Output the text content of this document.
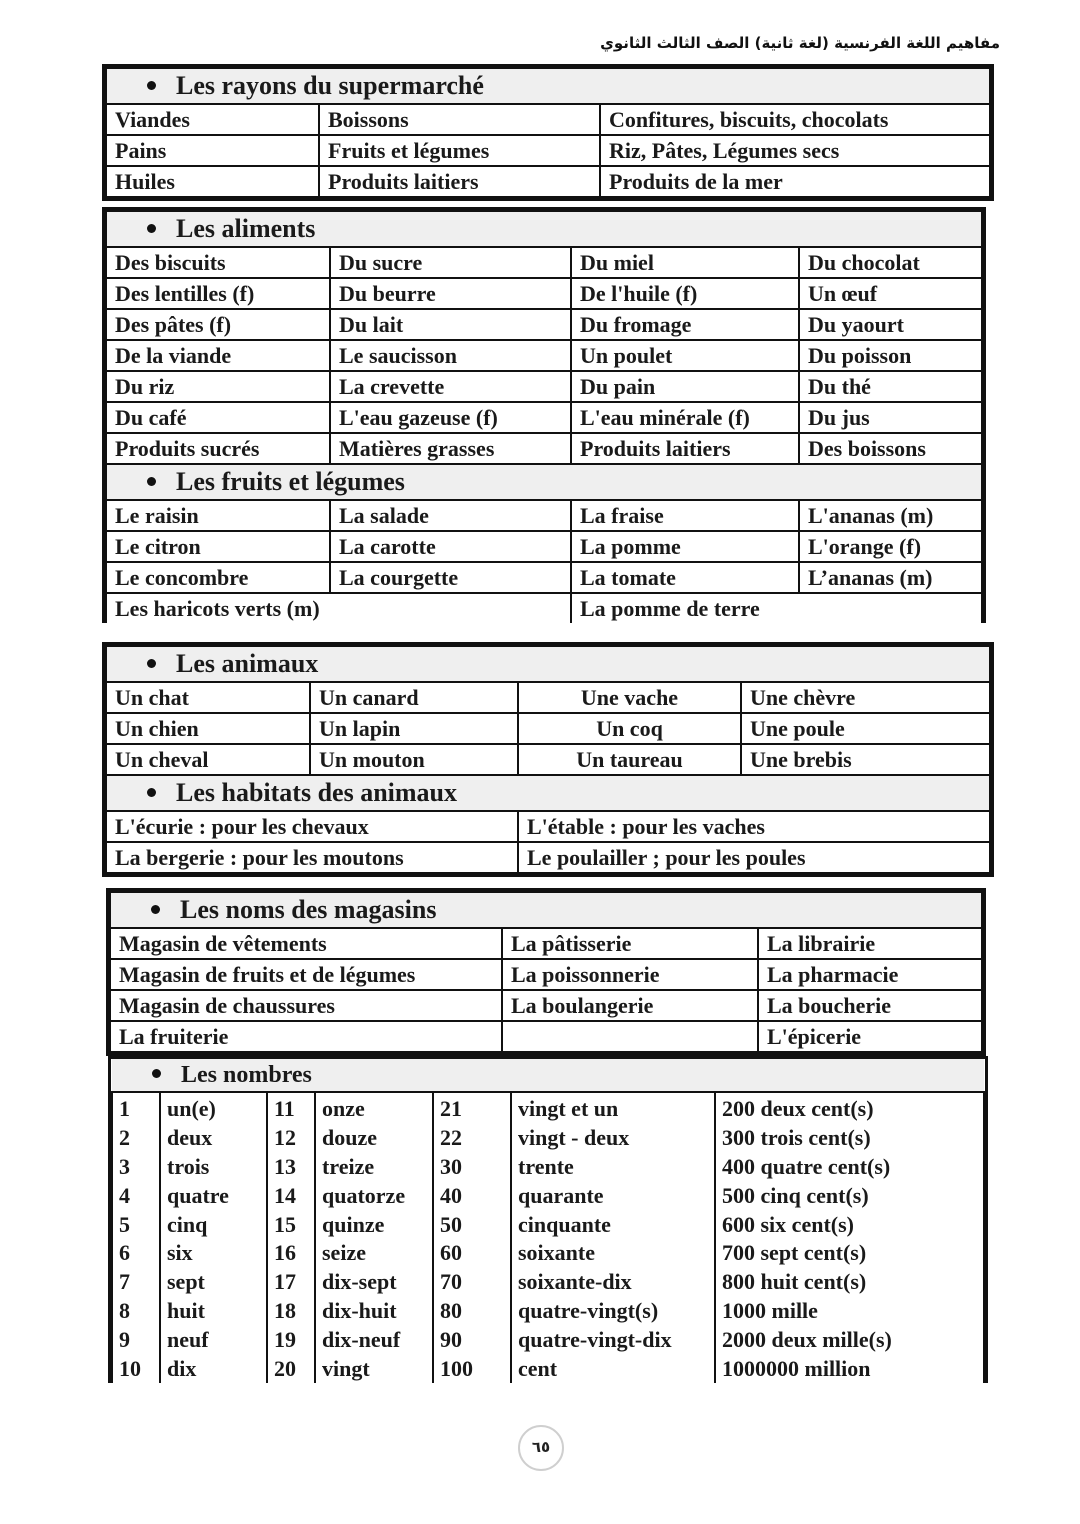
مفاهيم اللغة الفرنسية (لغة ثانية) الصف الثالث الثانوي
Les rayons du supermarché		
Viandes	Boissons	Confitures, biscuits, chocolats
Pains	Fruits et légumes	Riz, Pâtes, Légumes secs
Huiles	Produits laitiers	Produits de la mer
Les aliments			
Des biscuits	Du sucre	Du miel	Du chocolat
Des lentilles (f)	Du beurre	De l'huile (f)	Un œuf
Des pâtes (f)	Du lait	Du fromage	Du yaourt
De la viande	Le saucisson	Un poulet	Du poisson
Du riz	La crevette	Du pain	Du thé
Du café	L'eau gazeuse (f)	L'eau minérale (f)	Du jus
Produits sucrés	Matières grasses	Produits laitiers	Des boissons
Les fruits et légumes			
Le raisin	La salade	La fraise	L'ananas (m)
Le citron	La carotte	La pomme	L'orange (f)
Le concombre	La courgette	La tomate	L’ananas (m)
Les haricots verts (m)		La pomme de terre	
Les animaux			
Un chat	Un canard	Une vache	Une chèvre
Un chien	Un lapin	Un coq	Une poule
Un cheval	Un mouton	Un taureau	Une brebis
Les habitats des animaux			
L'écurie : pour les chevaux		L'étable : pour les vaches	
La bergerie : pour les moutons		Le poulailler ; pour les poules	
Les noms des magasins		
Magasin de vêtements	La pâtisserie	La librairie
Magasin de fruits et de légumes	La poissonnerie	La pharmacie
Magasin de chaussures	La boulangerie	La boucherie
La fruiterie		L'épicerie
Les nombres						
1	un(e)	11	onze	21	vingt et un	200 deux cent(s)
2	deux	12	douze	22	vingt - deux	300 trois cent(s)
3	trois	13	treize	30	trente	400 quatre cent(s)
4	quatre	14	quatorze	40	quarante	500 cinq cent(s)
5	cinq	15	quinze	50	cinquante	600 six cent(s)
6	six	16	seize	60	soixante	700 sept cent(s)
7	sept	17	dix-sept	70	soixante-dix	800 huit cent(s)
8	huit	18	dix-huit	80	quatre-vingt(s)	1000 mille
9	neuf	19	dix-neuf	90	quatre-vingt-dix	2000 deux mille(s)
10	dix	20	vingt	100	cent	1000000 million
٦٥
